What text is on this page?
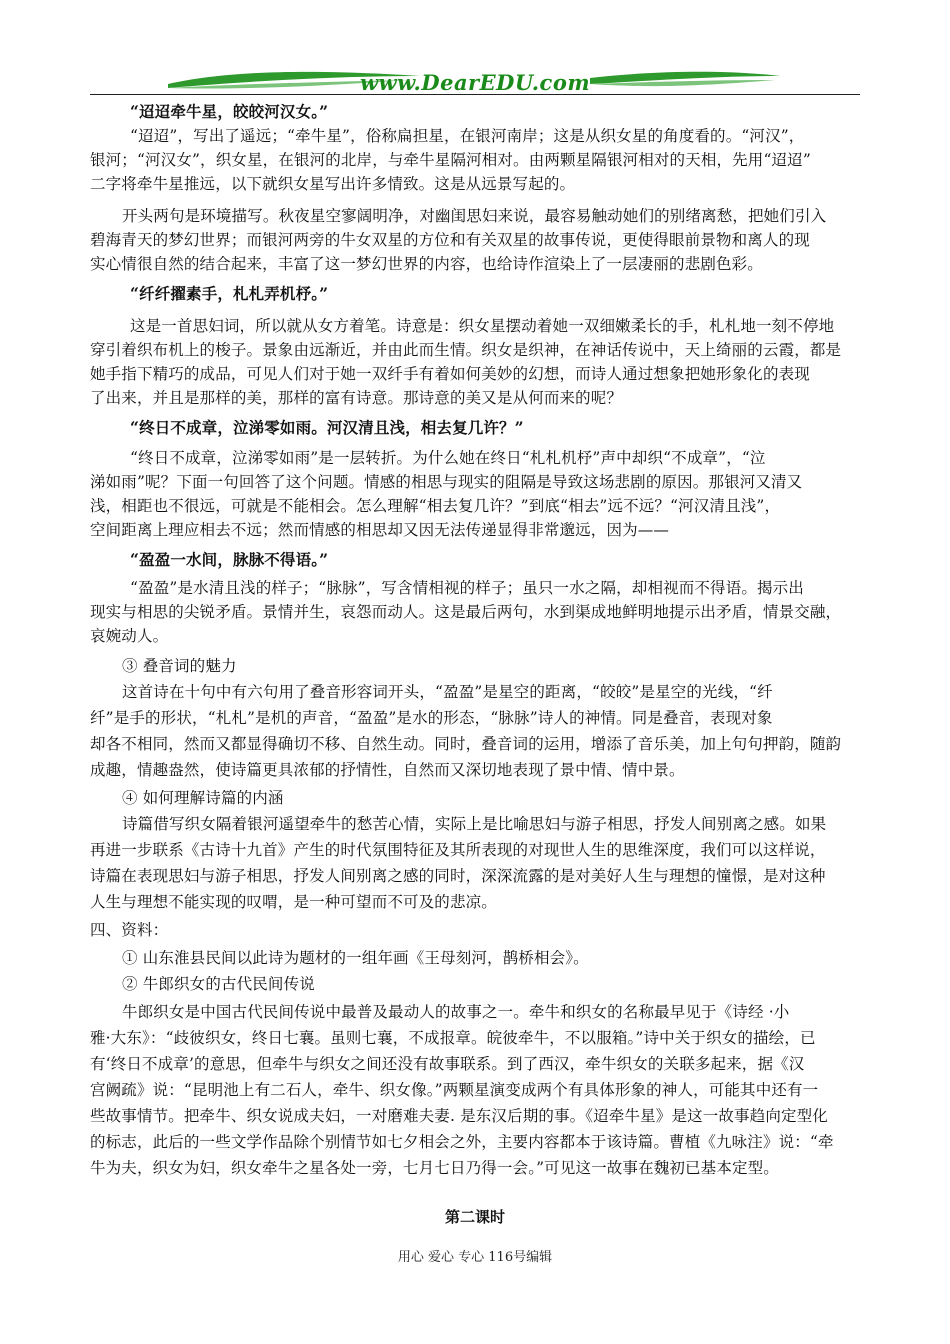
www.DearEDU.com
“迢迢牵牛星，皎皎河汉女。”
“迢迢”，写出了遥远；“牵牛星”，俗称扁担星，在银河南岸；这是从织女星的角度看的。“河汉”，
银河；“河汉女”，织女星，在银河的北岸，与牵牛星隔河相对。由两颗星隔银河相对的天相，先用“迢迢”
二字将牵牛星推远，以下就织女星写出许多情致。这是从远景写起的。
开头两句是环境描写。秋夜星空寥阔明净，对幽闺思妇来说，最容易触动她们的别绪离愁，把她们引入
碧海青天的梦幻世界；而银河两旁的牛女双星的方位和有关双星的故事传说，更使得眼前景物和离人的现
实心情很自然的结合起来，丰富了这一梦幻世界的内容，也给诗作渲染上了一层凄丽的悲剧色彩。
“纤纤擢素手，札札弄机杼。”
这是一首思妇词，所以就从女方着笔。诗意是：织女星摆动着她一双细嫩柔长的手，札札地一刻不停地
穿引着织布机上的梭子。景象由远渐近，并由此而生情。织女是织神，在神话传说中，天上绮丽的云霞，都是
她手指下精巧的成品，可见人们对于她一双纤手有着如何美妙的幻想，而诗人通过想象把她形象化的表现
了出来，并且是那样的美，那样的富有诗意。那诗意的美又是从何而来的呢？
“终日不成章，泣涕零如雨。河汉清且浅，相去复几许？”
“终日不成章，泣涕零如雨”是一层转折。为什么她在终日“札札机杼”声中却织“不成章”，“泣
涕如雨”呢？下面一句回答了这个问题。情感的相思与现实的阻隔是导致这场悲剧的原因。那银河又清又
浅，相距也不很远，可就是不能相会。怎么理解“相去复几许？”到底“相去”远不远？“河汉清且浅”，
空间距离上理应相去不远；然而情感的相思却又因无法传递显得非常邈远，因为——
“盈盈一水间，脉脉不得语。”
“盈盈”是水清且浅的样子；“脉脉”，写含情相视的样子；虽只一水之隔，却相视而不得语。揭示出
现实与相思的尖锐矛盾。景情并生，哀怨而动人。这是最后两句，水到渠成地鲜明地提示出矛盾，情景交融，
哀婉动人。
③ 叠音词的魅力
这首诗在十句中有六句用了叠音形容词开头，“盈盈”是星空的距离，“皎皎”是星空的光线，“纤
纤”是手的形状，“札札”是机的声音，“盈盈”是水的形态，“脉脉”诗人的神情。同是叠音，表现对象
却各不相同，然而又都显得确切不移、自然生动。同时，叠音词的运用，增添了音乐美，加上句句押韵，随韵
成趣，情趣盎然，使诗篇更具浓郁的抒情性，自然而又深切地表现了景中情、情中景。
④ 如何理解诗篇的内涵
诗篇借写织女隔着银河遥望牵牛的愁苦心情，实际上是比喻思妇与游子相思，抒发人间别离之感。如果
再进一步联系《古诗十九首》产生的时代氛围特征及其所表现的对现世人生的思维深度，我们可以这样说，
诗篇在表现思妇与游子相思，抒发人间别离之感的同时，深深流露的是对美好人生与理想的憧憬，是对这种
人生与理想不能实现的叹喟，是一种可望而不可及的悲凉。
四、资料：
① 山东淮县民间以此诗为题材的一组年画《王母刻河，鹊桥相会》。
② 牛郎织女的古代民间传说
牛郎织女是中国古代民间传说中最普及最动人的故事之一。牵牛和织女的名称最早见于《诗经 ·小
雅·大东》：“歧彼织女，终日七襄。虽则七襄，不成报章。皖彼牵牛，不以服箱。”诗中关于织女的描绘，已
有‘终日不成章’的意思，但牵牛与织女之间还没有故事联系。到了西汉，牵牛织女的关联多起来，据《汉
宫阙疏》说：“昆明池上有二石人，牵牛、织女像。”两颗星演变成两个有具体形象的神人，可能其中还有一
些故事情节。把牵牛、织女说成夫妇，一对磨难夫妻. 是东汉后期的事。《迢牵牛星》是这一故事趋向定型化
的标志，此后的一些文学作品除个别情节如七夕相会之外，主要内容都本于该诗篇。曹植《九咏注》说：“牵
牛为夫，织女为妇，织女牵牛之星各处一旁，七月七日乃得一会。”可见这一故事在魏初已基本定型。
第二课时
用心 爱心 专心 116号编辑
